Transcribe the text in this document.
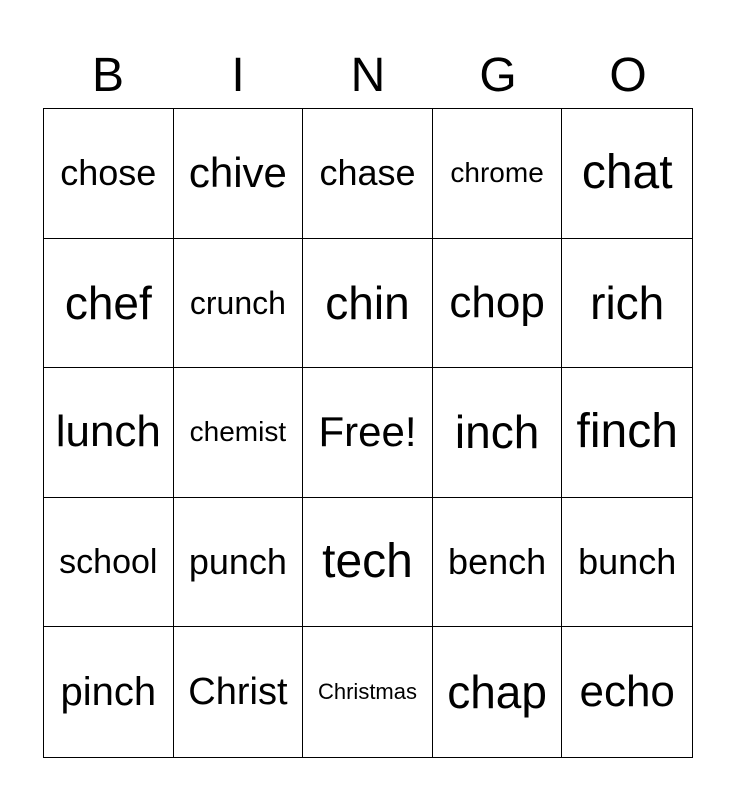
B	I	N	G	O
chose chive chase	chrome chat
chef	crunch chin chop rich
lunch	chemist Free! inch finch
school punch tech bench bunch
pinch Christ	Christmas chap echo
